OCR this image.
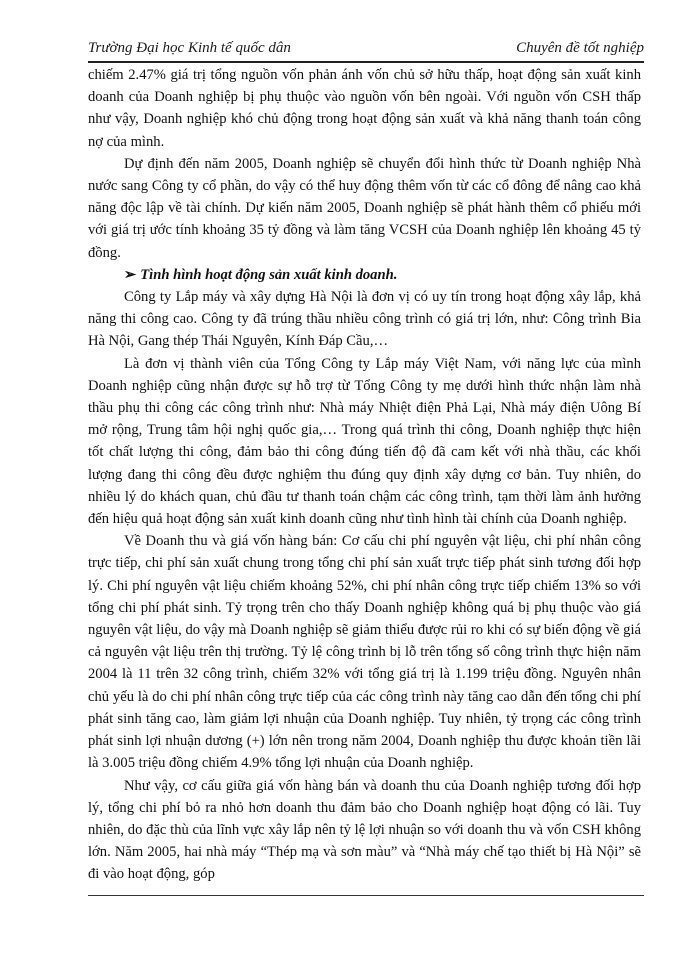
Trường Đại học Kinh tế quốc dân	Chuyên đề tốt nghiệp

chiếm 2.47% giá trị tổng nguồn vốn phản ánh vốn chủ sở hữu thấp, hoạt động sản xuất kinh doanh của Doanh nghiệp bị phụ thuộc vào nguồn vốn bên ngoài. Với nguồn vốn CSH thấp như vậy, Doanh nghiệp khó chủ động trong hoạt động sản xuất và khả năng thanh toán công nợ của mình.

Dự định đến năm 2005, Doanh nghiệp sẽ chuyển đổi hình thức từ Doanh nghiệp Nhà nước sang Công ty cổ phần, do vậy có thể huy động thêm vốn từ các cổ đông để nâng cao khả năng độc lập về tài chính. Dự kiến năm 2005, Doanh nghiệp sẽ phát hành thêm cổ phiếu mới với giá trị ước tính khoảng 35 tỷ đồng và làm tăng VCSH của Doanh nghiệp lên khoảng 45 tỷ đồng.

➢ Tình hình hoạt động sản xuất kinh doanh.

Công ty Lắp máy và xây dựng Hà Nội là đơn vị có uy tín trong hoạt động xây lắp, khả năng thi công cao. Công ty đã trúng thầu nhiều công trình có giá trị lớn, như: Công trình Bia Hà Nội, Gang thép Thái Nguyên, Kính Đáp Cầu,…

Là đơn vị thành viên của Tổng Công ty Lắp máy Việt Nam, với năng lực của mình Doanh nghiệp cũng nhận được sự hỗ trợ từ Tổng Công ty mẹ dưới hình thức nhận làm nhà thầu phụ thi công các công trình như: Nhà máy Nhiệt điện Phả Lại, Nhà máy điện Uông Bí mở rộng, Trung tâm hội nghị quốc gia,… Trong quá trình thi công, Doanh nghiệp thực hiện tốt chất lượng thi công, đảm bảo thi công đúng tiến độ đã cam kết với nhà thầu, các khối lượng đang thi công đều được nghiệm thu đúng quy định xây dựng cơ bản. Tuy nhiên, do nhiều lý do khách quan, chủ đầu tư thanh toán chậm các công trình, tạm thời làm ảnh hưởng đến hiệu quả hoạt động sản xuất kinh doanh cũng như tình hình tài chính của Doanh nghiệp.

Về Doanh thu và giá vốn hàng bán: Cơ cấu chi phí nguyên vật liệu, chi phí nhân công trực tiếp, chi phí sản xuất chung trong tổng chi phí sản xuất trực tiếp phát sinh tương đối hợp lý. Chi phí nguyên vật liệu chiếm khoảng 52%, chi phí nhân công trực tiếp chiếm 13% so với tổng chi phí phát sinh. Tỷ trọng trên cho thấy Doanh nghiệp không quá bị phụ thuộc vào giá nguyên vật liệu, do vậy mà Doanh nghiệp sẽ giảm thiểu được rủi ro khi có sự biến động về giá cả nguyên vật liệu trên thị trường. Tỷ lệ công trình bị lỗ trên tổng số công trình thực hiện năm 2004 là 11 trên 32 công trình, chiếm 32% với tổng giá trị là 1.199 triệu đồng. Nguyên nhân chủ yếu là do chi phí nhân công trực tiếp của các công trình này tăng cao dẫn đến tổng chi phí phát sinh tăng cao, làm giảm lợi nhuận của Doanh nghiệp. Tuy nhiên, tỷ trọng các công trình phát sinh lợi nhuận dương (+) lớn nên trong năm 2004, Doanh nghiệp thu được khoản tiền lãi là 3.005 triệu đồng chiếm 4.9% tổng lợi nhuận của Doanh nghiệp.

Như vậy, cơ cấu giữa giá vốn hàng bán và doanh thu của Doanh nghiệp tương đối hợp lý, tổng chi phí bỏ ra nhỏ hơn doanh thu đảm bảo cho Doanh nghiệp hoạt động có lãi. Tuy nhiên, do đặc thù của lĩnh vực xây lắp nên tỷ lệ lợi nhuận so với doanh thu và vốn CSH không lớn. Năm 2005, hai nhà máy “Thép mạ và sơn màu” và “Nhà máy chế tạo thiết bị Hà Nội” sẽ đi vào hoạt động, góp
